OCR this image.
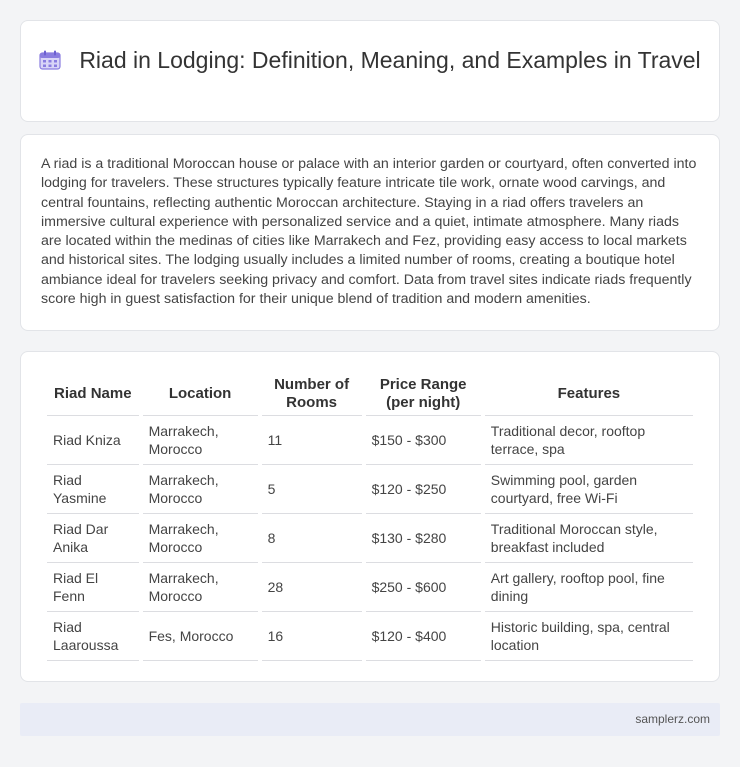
Riad in Lodging: Definition, Meaning, and Examples in Travel

A riad is a traditional Moroccan house or palace with an interior garden or courtyard, often converted into lodging for travelers. These structures typically feature intricate tile work, ornate wood carvings, and central fountains, reflecting authentic Moroccan architecture. Staying in a riad offers travelers an immersive cultural experience with personalized service and a quiet, intimate atmosphere. Many riads are located within the medinas of cities like Marrakech and Fez, providing easy access to local markets and historical sites. The lodging usually includes a limited number of rooms, creating a boutique hotel ambiance ideal for travelers seeking privacy and comfort. Data from travel sites indicate riads frequently score high in guest satisfaction for their unique blend of tradition and modern amenities.

Riad Name	Location	Number of Rooms	Price Range (per night)	Features
Riad Kniza	Marrakech, Morocco	11	$150 - $300	Traditional decor, rooftop terrace, spa
Riad Yasmine	Marrakech, Morocco	5	$120 - $250	Swimming pool, garden courtyard, free Wi-Fi
Riad Dar Anika	Marrakech, Morocco	8	$130 - $280	Traditional Moroccan style, breakfast included
Riad El Fenn	Marrakech, Morocco	28	$250 - $600	Art gallery, rooftop pool, fine dining
Riad Laaroussa	Fes, Morocco	16	$120 - $400	Historic building, spa, central location
samplerz.com
